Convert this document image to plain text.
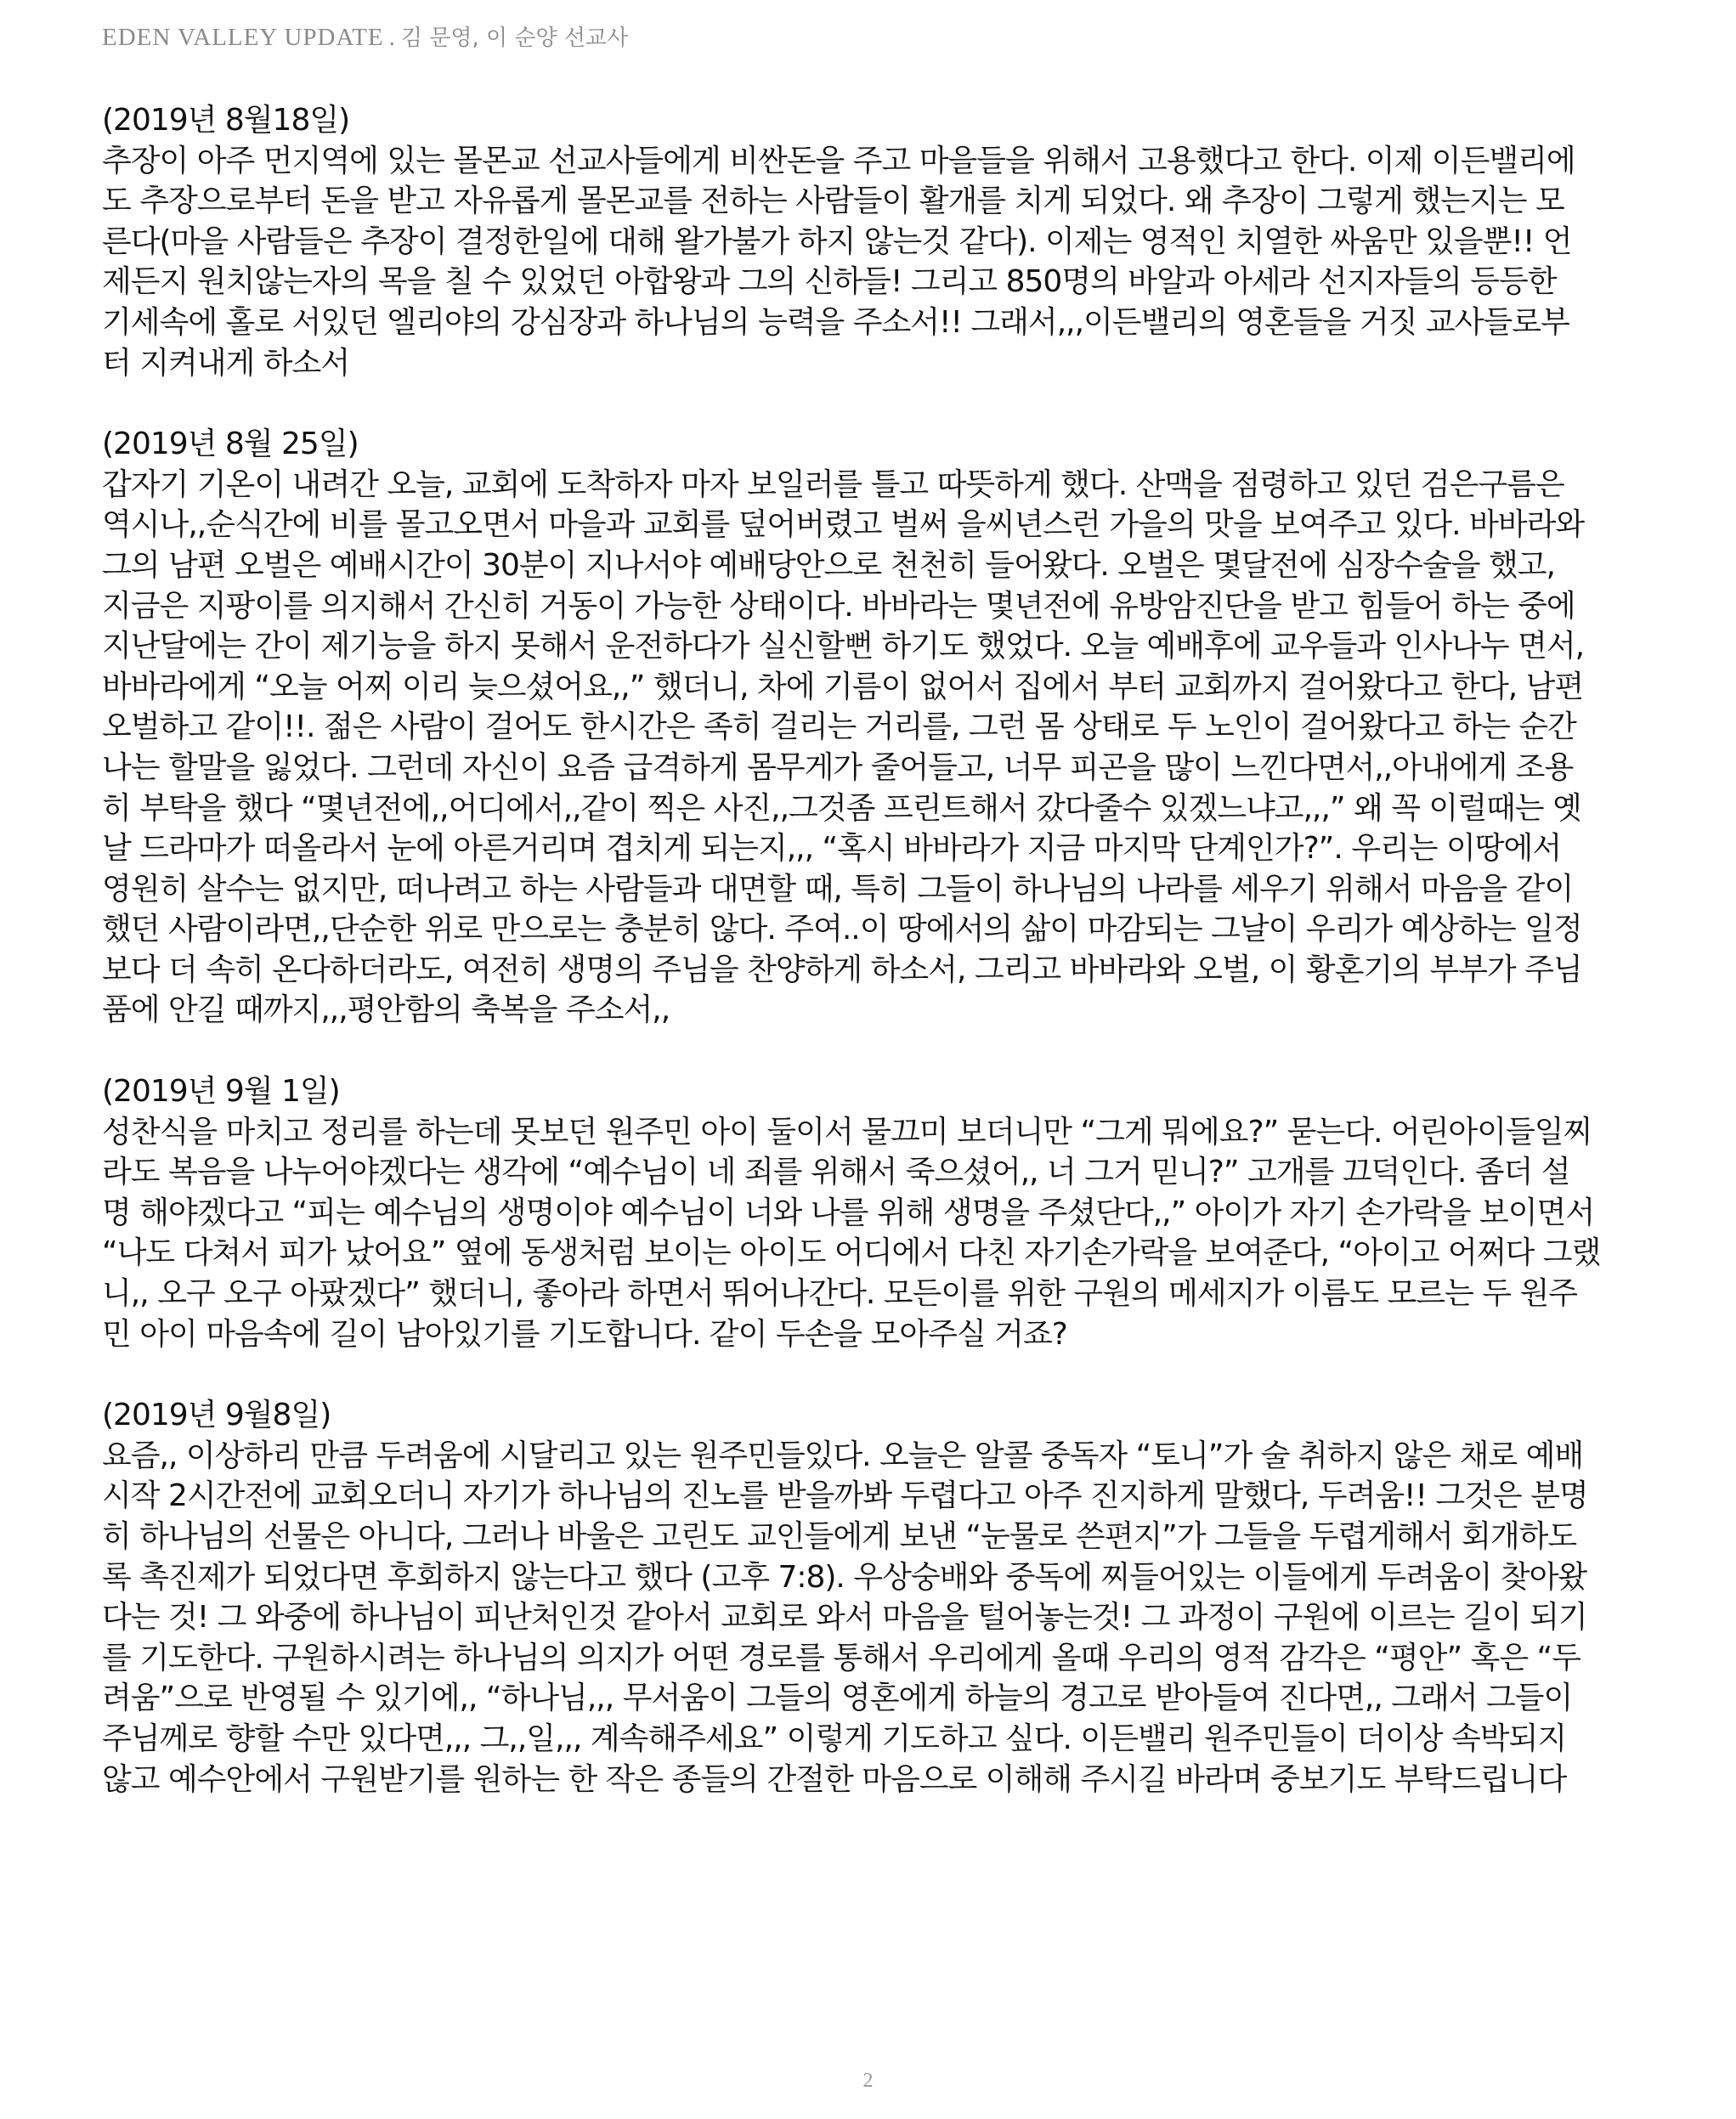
EDEN VALLEY UPDATE . 김 문영, 이 순양 선교사
(2019년 8월18일)
추장이 아주 먼지역에 있는 몰몬교 선교사들에게 비싼돈을 주고 마을들을 위해서 고용했다고 한다. 이제 이든밸리에
도 추장으로부터 돈을 받고 자유롭게 몰몬교를 전하는 사람들이 활개를 치게 되었다. 왜 추장이 그렇게 했는지는 모
른다(마을 사람들은 추장이 결정한일에 대해 왈가불가 하지 않는것 같다). 이제는 영적인 치열한 싸움만 있을뿐!! 언
제든지 원치않는자의 목을 칠 수 있었던 아합왕과 그의 신하들! 그리고 850명의 바알과 아세라 선지자들의 등등한
기세속에 홀로 서있던 엘리야의 강심장과 하나님의 능력을 주소서!! 그래서,,,이든밸리의 영혼들을 거짓 교사들로부
터 지켜내게 하소서
(2019년 8월 25일)
갑자기 기온이 내려간 오늘, 교회에 도착하자 마자 보일러를 틀고 따뜻하게 했다. 산맥을 점령하고 있던 검은구름은
역시나,,순식간에 비를 몰고오면서 마을과 교회를 덮어버렸고 벌써 을씨년스런 가을의 맛을 보여주고 있다. 바바라와
그의 남편 오벌은 예배시간이 30분이 지나서야 예배당안으로 천천히 들어왔다. 오벌은 몇달전에 심장수술을 했고,
지금은 지팡이를 의지해서 간신히 거동이 가능한 상태이다. 바바라는 몇년전에 유방암진단을 받고 힘들어 하는 중에
지난달에는 간이 제기능을 하지 못해서 운전하다가 실신할뻔 하기도 했었다. 오늘 예배후에 교우들과 인사나누 면서,
바바라에게 “오늘 어찌 이리 늦으셨어요,,” 했더니, 차에 기름이 없어서 집에서 부터 교회까지 걸어왔다고 한다, 남편
오벌하고 같이!!. 젊은 사람이 걸어도 한시간은 족히 걸리는 거리를, 그런 몸 상태로 두 노인이 걸어왔다고 하는 순간
나는 할말을 잃었다. 그런데 자신이 요즘 급격하게 몸무게가 줄어들고, 너무 피곤을 많이 느낀다면서,,아내에게 조용
히 부탁을 했다 “몇년전에,,어디에서,,같이 찍은 사진,,그것좀 프린트해서 갔다줄수 있겠느냐고,,,” 왜 꼭 이럴때는 옛
날 드라마가 떠올라서 눈에 아른거리며 겹치게 되는지,,, “혹시 바바라가 지금 마지막 단계인가?”. 우리는 이땅에서
영원히 살수는 없지만, 떠나려고 하는 사람들과 대면할 때, 특히 그들이 하나님의 나라를 세우기 위해서 마음을 같이
했던 사람이라면,,단순한 위로 만으로는 충분히 않다. 주여..이 땅에서의 삶이 마감되는 그날이 우리가 예상하는 일정
보다 더 속히 온다하더라도, 여전히 생명의 주님을 찬양하게 하소서, 그리고 바바라와 오벌, 이 황혼기의 부부가 주님
품에 안길 때까지,,,평안함의 축복을 주소서,,
(2019년 9월 1일)
성찬식을 마치고 정리를 하는데 못보던 원주민 아이 둘이서 물끄미 보더니만 “그게 뭐에요?” 묻는다. 어린아이들일찌
라도 복음을 나누어야겠다는 생각에 “예수님이 네 죄를 위해서 죽으셨어,, 너 그거 믿니?” 고개를 끄덕인다. 좀더 설
명 해야겠다고 “피는 예수님의 생명이야 예수님이 너와 나를 위해 생명을 주셨단다,,” 아이가 자기 손가락을 보이면서
“나도 다쳐서 피가 났어요” 옆에 동생처럼 보이는 아이도 어디에서 다친 자기손가락을 보여준다, “아이고 어쩌다 그랬
니,, 오구 오구 아팠겠다” 했더니, 좋아라 하면서 뛰어나간다. 모든이를 위한 구원의 메세지가 이름도 모르는 두 원주
민 아이 마음속에 길이 남아있기를 기도합니다. 같이 두손을 모아주실 거죠?
(2019년 9월8일)
요즘,, 이상하리 만큼 두려움에 시달리고 있는 원주민들있다. 오늘은 알콜 중독자 “토니”가 술 취하지 않은 채로 예배
시작 2시간전에 교회오더니 자기가 하나님의 진노를 받을까봐 두렵다고 아주 진지하게 말했다, 두려움!! 그것은 분명
히 하나님의 선물은 아니다, 그러나 바울은 고린도 교인들에게 보낸 “눈물로 쓴편지”가 그들을 두렵게해서 회개하도
록 촉진제가 되었다면 후회하지 않는다고 했다 (고후 7:8). 우상숭배와 중독에 찌들어있는 이들에게 두려움이 찾아왔
다는 것! 그 와중에 하나님이 피난처인것 같아서 교회로 와서 마음을 털어놓는것! 그 과정이 구원에 이르는 길이 되기
를 기도한다. 구원하시려는 하나님의 의지가 어떤 경로를 통해서 우리에게 올때 우리의 영적 감각은 “평안” 혹은 “두
려움”으로 반영될 수 있기에,, “하나님,,, 무서움이 그들의 영혼에게 하늘의 경고로 받아들여 진다면,, 그래서 그들이
주님께로 향할 수만 있다면,,, 그,,일,,, 계속해주세요” 이렇게 기도하고 싶다. 이든밸리 원주민들이 더이상 속박되지
않고 예수안에서 구원받기를 원하는 한 작은 종들의 간절한 마음으로 이해해 주시길 바라며 중보기도 부탁드립니다
2
